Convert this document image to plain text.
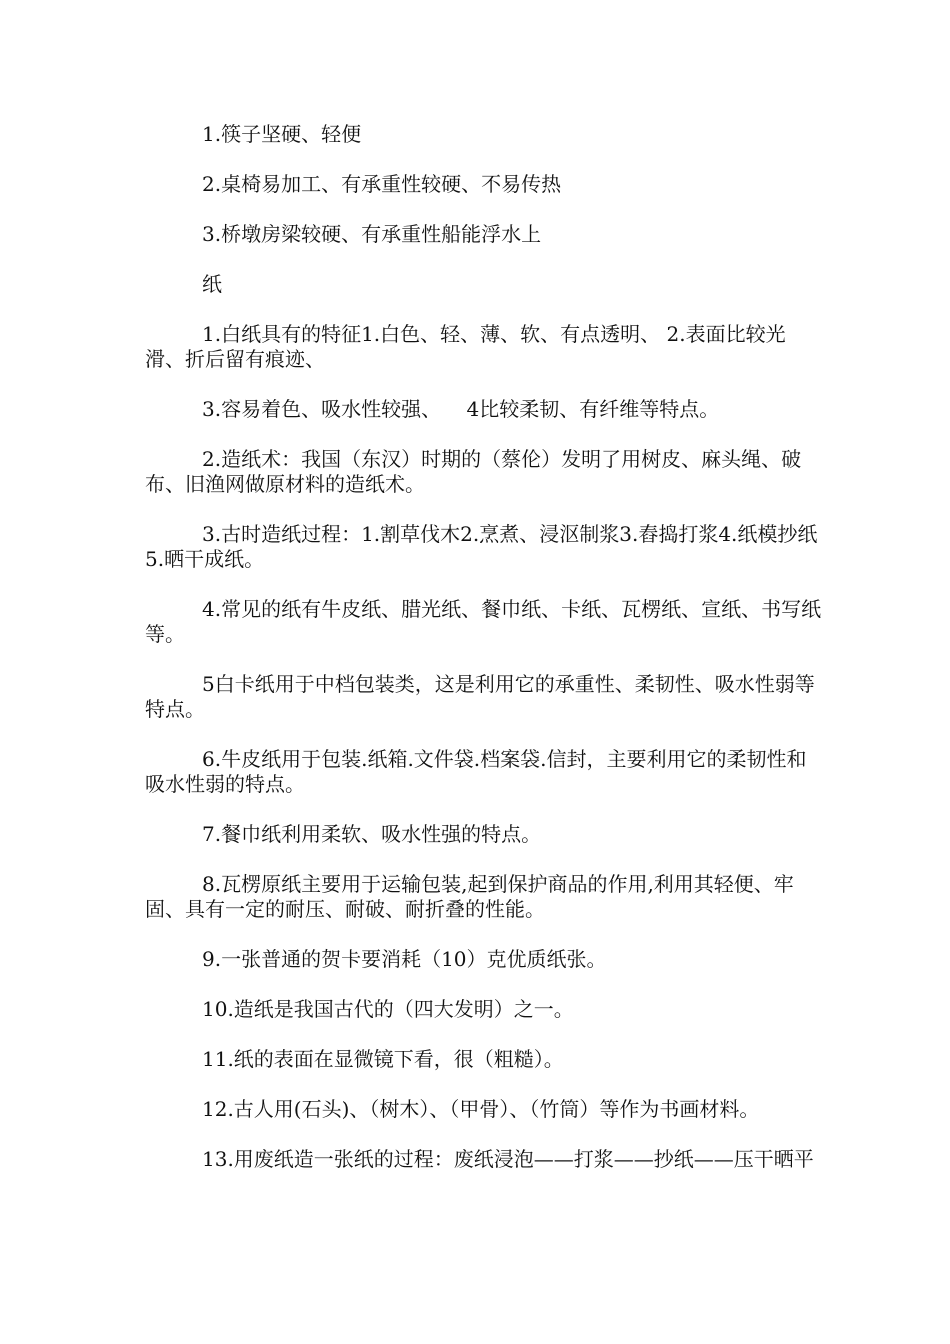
1.筷子坚硬、轻便

2.桌椅易加工、有承重性较硬、不易传热

3.桥墩房梁较硬、有承重性船能浮水上

纸

1.白纸具有的特征1.白色、轻、薄、软、有点透明、 2.表面比较光滑、折后留有痕迹、

3.容易着色、吸水性较强、    4比较柔韧、有纤维等特点。

2.造纸术：我国（东汉）时期的（蔡伦）发明了用树皮、麻头绳、破布、旧渔网做原材料的造纸术。

3.古时造纸过程：1.割草伐木2.烹煮、浸沤制浆3.舂捣打浆4.纸模抄纸5.晒干成纸。

4.常见的纸有牛皮纸、腊光纸、餐巾纸、卡纸、瓦楞纸、宣纸、书写纸等。

5白卡纸用于中档包装类，这是利用它的承重性、柔韧性、吸水性弱等特点。

6.牛皮纸用于包装.纸箱.文件袋.档案袋.信封，主要利用它的柔韧性和吸水性弱的特点。

7.餐巾纸利用柔软、吸水性强的特点。

8.瓦楞原纸主要用于运输包装,起到保护商品的作用,利用其轻便、牢固、具有一定的耐压、耐破、耐折叠的性能。

9.一张普通的贺卡要消耗（10）克优质纸张。

10.造纸是我国古代的（四大发明）之一。

11.纸的表面在显微镜下看，很（粗糙）。

12.古人用(石头)、（树木）、（甲骨）、（竹筒）等作为书画材料。

13.用废纸造一张纸的过程：废纸浸泡——打浆——抄纸——压干晒平
